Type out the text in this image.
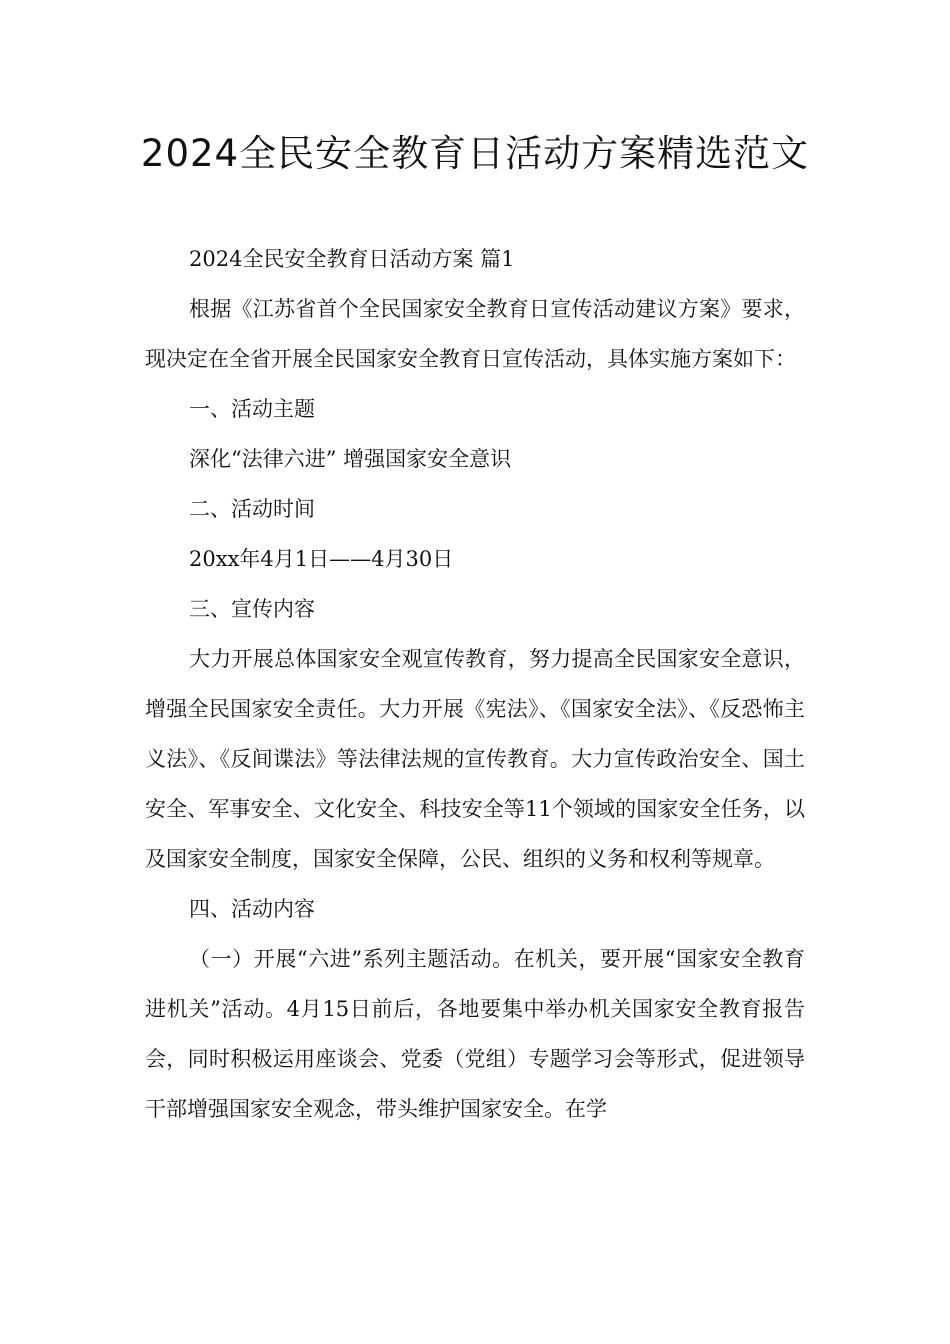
2024全民安全教育日活动方案精选范文

2024全民安全教育日活动方案 篇1

根据《江苏省首个全民国家安全教育日宣传活动建议方案》要求，现决定在全省开展全民国家安全教育日宣传活动，具体实施方案如下：

一、活动主题

深化“法律六进” 增强国家安全意识

二、活动时间

20xx年4月1日——4月30日

三、宣传内容

大力开展总体国家安全观宣传教育，努力提高全民国家安全意识，增强全民国家安全责任。大力开展《宪法》、《国家安全法》、《反恐怖主义法》、《反间谍法》等法律法规的宣传教育。大力宣传政治安全、国土安全、军事安全、文化安全、科技安全等11个领域的国家安全任务，以及国家安全制度，国家安全保障，公民、组织的义务和权利等规章。

四、活动内容

（一）开展“六进”系列主题活动。在机关，要开展“国家安全教育进机关”活动。4月15日前后，各地要集中举办机关国家安全教育报告会，同时积极运用座谈会、党委（党组）专题学习会等形式，促进领导干部增强国家安全观念，带头维护国家安全。在学
